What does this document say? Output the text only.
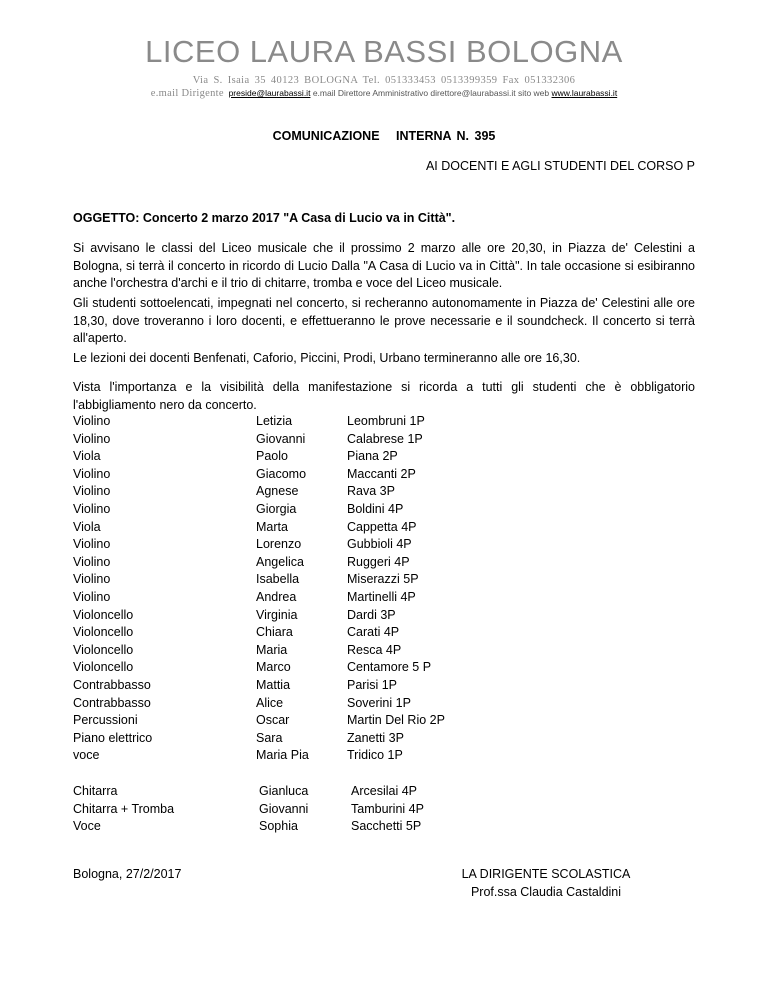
LICEO LAURA BASSI BOLOGNA
Via S. Isaia 35 40123 BOLOGNA Tel. 051333453 0513399359 Fax 051332306
e.mail Dirigente preside@laurabassi.it e.mail Direttore Amministrativo direttore@laurabassi.it sito web www.laurabassi.it
COMUNICAZIONE   INTERNA N. 395
AI DOCENTI E AGLI STUDENTI DEL CORSO P
OGGETTO: Concerto 2 marzo 2017 "A Casa di Lucio va in Città".
Si avvisano le classi del Liceo musicale che il prossimo 2 marzo alle ore 20,30, in Piazza de' Celestini a Bologna, si terrà il concerto in ricordo di Lucio Dalla "A Casa di Lucio va in Città". In tale occasione si esibiranno anche l'orchestra d'archi e il trio di chitarre, tromba e voce del Liceo musicale.
Gli studenti sottoelencati, impegnati nel concerto, si recheranno autonomamente in Piazza de' Celestini alle ore 18,30, dove troveranno i loro docenti, e effettueranno le prove necessarie e il soundcheck. Il concerto si terrà all'aperto.
Le lezioni dei docenti Benfenati, Caforio, Piccini, Prodi, Urbano termineranno alle ore 16,30.
Vista l'importanza e la visibilità della manifestazione si ricorda a tutti gli studenti che è obbligatorio l'abbigliamento nero da concerto.
Violino
Violino
Viola
Violino
Violino
Violino
Viola
Violino
Violino
Violino
Violino
Violoncello
Violoncello
Violoncello
Violoncello
Contrabbasso
Contrabbasso
Percussioni
Piano elettrico
voce
Letizia
Giovanni
Paolo
Giacomo
Agnese
Giorgia
Marta
Lorenzo
Angelica
Isabella
Andrea
Virginia
Chiara
Maria
Marco
Mattia
Alice
Oscar
Sara
Maria Pia
Leombruni 1P
Calabrese 1P
Piana 2P
Maccanti 2P
Rava 3P
Boldini 4P
Cappetta 4P
Gubbioli 4P
Ruggeri 4P
Miserazzi 5P
Martinelli 4P
Dardi 3P
Carati 4P
Resca 4P
Centamore 5 P
Parisi 1P
Soverini 1P
Martin Del Rio 2P
Zanetti 3P
Tridico 1P
Chitarra
Chitarra + Tromba
Voce
Gianluca
Giovanni
Sophia
Arcesilai 4P
Tamburini 4P
Sacchetti 5P
Bologna, 27/2/2017	LA DIRIGENTE SCOLASTICA
Prof.ssa Claudia Castaldini
